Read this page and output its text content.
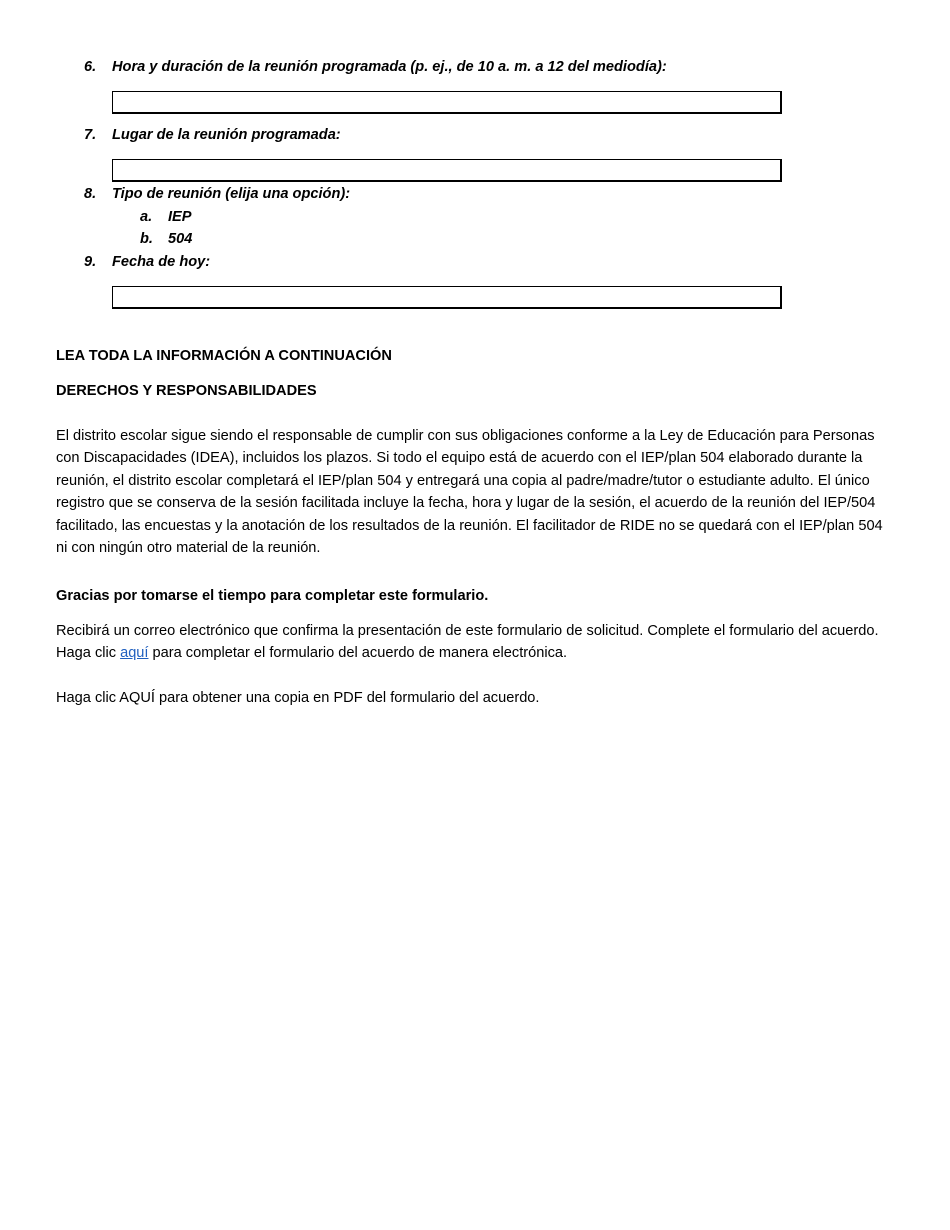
6. Hora y duración de la reunión programada (p. ej., de 10 a. m. a 12 del mediodía):
7. Lugar de la reunión programada:
8. Tipo de reunión (elija una opción):
a. IEP
b. 504
9. Fecha de hoy:
LEA TODA LA INFORMACIÓN A CONTINUACIÓN
DERECHOS Y RESPONSABILIDADES
El distrito escolar sigue siendo el responsable de cumplir con sus obligaciones conforme a la Ley de Educación para Personas con Discapacidades (IDEA), incluidos los plazos. Si todo el equipo está de acuerdo con el IEP/plan 504 elaborado durante la reunión, el distrito escolar completará el IEP/plan 504 y entregará una copia al padre/madre/tutor o estudiante adulto. El único registro que se conserva de la sesión facilitada incluye la fecha, hora y lugar de la sesión, el acuerdo de la reunión del IEP/504 facilitado, las encuestas y la anotación de los resultados de la reunión. El facilitador de RIDE no se quedará con el IEP/plan 504 ni con ningún otro material de la reunión.
Gracias por tomarse el tiempo para completar este formulario.
Recibirá un correo electrónico que confirma la presentación de este formulario de solicitud. Complete el formulario del acuerdo. Haga clic aquí para completar el formulario del acuerdo de manera electrónica.
Haga clic AQUÍ para obtener una copia en PDF del formulario del acuerdo.
